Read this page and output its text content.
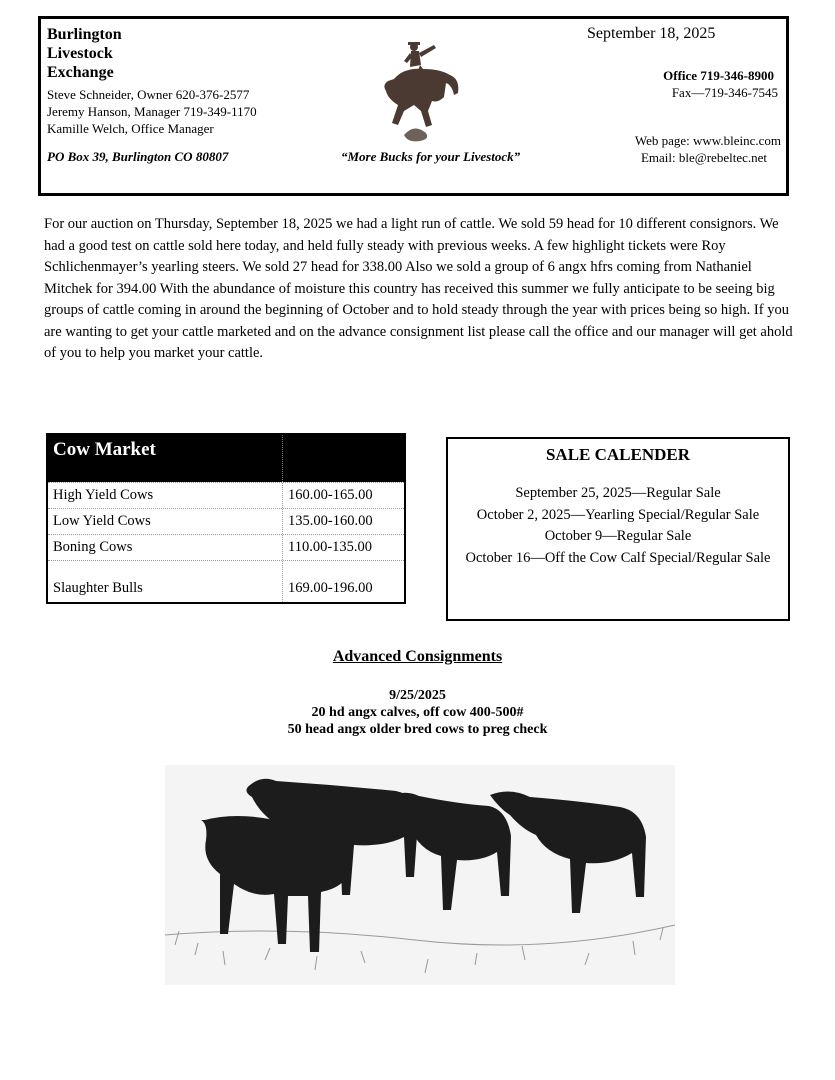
Burlington
Livestock
Exchange
Steve Schneider, Owner 620-376-2577
Jeremy Hanson, Manager 719-349-1170
Kamille Welch, Office Manager
PO Box 39, Burlington CO 80807	“More Bucks for your Livestock”
September 18, 2025
Office 719-346-8900
Fax—719-346-7545
Web page: www.bleinc.com
Email: ble@rebeltec.net
For our auction on Thursday, September 18, 2025 we had a light run of cattle. We sold 59 head for 10 different consignors. We had a good test on cattle sold here today, and held fully steady with previous weeks. A few highlight tickets were Roy Schlichenmayer’s yearling steers. We sold 27 head for 338.00 Also we sold a group of 6 angx hfrs coming from Nathaniel Mitchek for 394.00 With the abundance of moisture this country has received this summer we fully anticipate to be seeing big groups of cattle coming in around the beginning of October and to hold steady through the year with prices being so high. If you are wanting to get your cattle marketed and on the advance consignment list please call the office and our manager will get ahold of you to help you market your cattle.
Cow Market
High Yield Cows	160.00-165.00
Low Yield Cows	135.00-160.00
Boning Cows	110.00-135.00
Slaughter Bulls	169.00-196.00
SALE CALENDER
September 25, 2025—Regular Sale
October 2, 2025—Yearling Special/Regular Sale
October 9—Regular Sale
October 16—Off the Cow Calf Special/Regular Sale
Advanced Consignments
9/25/2025
20 hd angx calves, off cow 400-500#
50 head angx older bred cows to preg check
